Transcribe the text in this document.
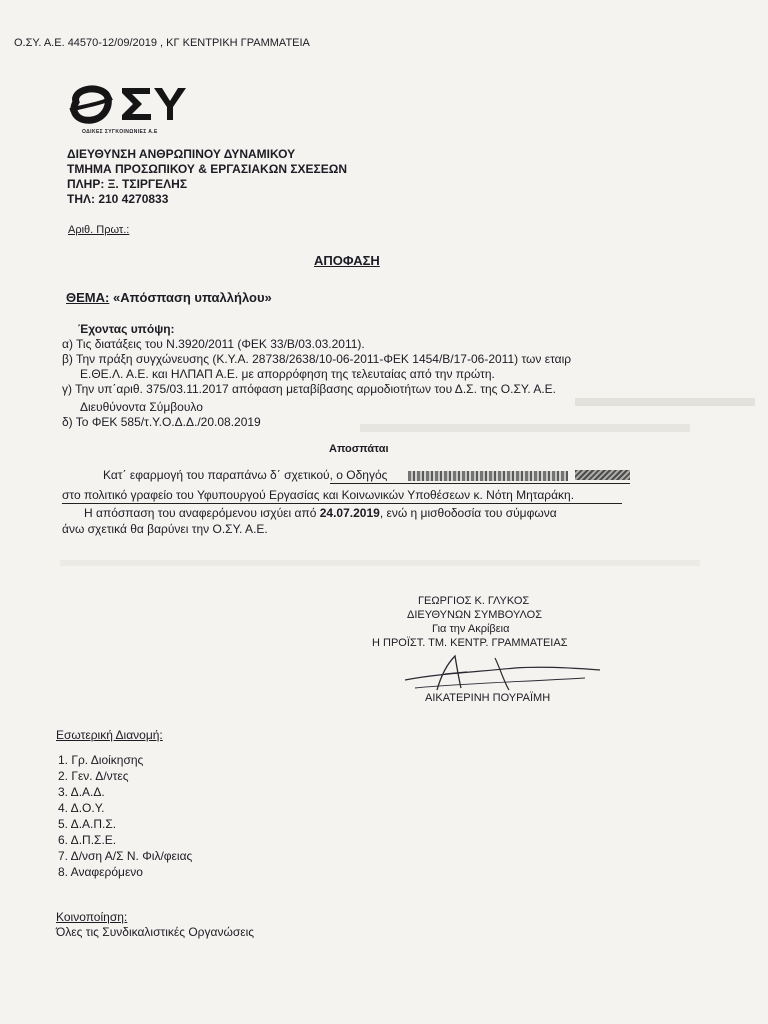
Ο.ΣΥ. Α.Ε. 44570-12/09/2019 , ΚΓ ΚΕΝΤΡΙΚΗ ΓΡΑΜΜΑΤΕΙΑ
ΟΔΙΚΕΣ ΣΥΓΚΟΙΝΩΝΙΕΣ Α.Ε
ΔΙΕΥΘΥΝΣΗ ΑΝΘΡΩΠΙΝΟΥ ΔΥΝΑΜΙΚΟΥ
ΤΜΗΜΑ ΠΡΟΣΩΠΙΚΟΥ & ΕΡΓΑΣΙΑΚΩΝ ΣΧΕΣΕΩΝ
ΠΛΗΡ: Ξ. ΤΣΙΡΓΕΛΗΣ
ΤΗΛ: 210 4270833
Αριθ. Πρωτ.:
ΑΠΟΦΑΣΗ
ΘΕΜΑ: «Απόσπαση υπαλλήλου»
Έχοντας υπόψη:
α) Τις διατάξεις του Ν.3920/2011 (ΦΕΚ 33/Β/03.03.2011).
β) Την πράξη συγχώνευσης (Κ.Υ.Α. 28738/2638/10-06-2011-ΦΕΚ 1454/Β/17-06-2011) των εταιρ
Ε.ΘΕ.Λ. Α.Ε. και ΗΛΠΑΠ Α.Ε. με απορρόφηση της τελευταίας από την πρώτη.
γ) Την υπ΄αριθ. 375/03.11.2017 απόφαση μεταβίβασης αρμοδιοτήτων του Δ.Σ. της Ο.ΣΥ. Α.Ε.
Διευθύνοντα Σύμβουλο
δ) Το ΦΕΚ 585/τ.Υ.Ο.Δ.Δ./20.08.2019
Αποσπάται
Κατ΄ εφαρμογή του παραπάνω δ΄ σχετικού, ο Οδηγός
στο πολιτικό γραφείο του Υφυπουργού Εργασίας και Κοινωνικών Υποθέσεων κ. Νότη Μηταράκη.
Η απόσπαση του αναφερόμενου ισχύει από 24.07.2019, ενώ η μισθοδοσία του σύμφωνα
άνω σχετικά θα βαρύνει την Ο.ΣΥ. Α.Ε.
ΓΕΩΡΓΙΟΣ Κ. ΓΛΥΚΟΣ
ΔΙΕΥΘΥΝΩΝ ΣΥΜΒΟΥΛΟΣ
Για την Ακρίβεια
Η ΠΡΟΪΣΤ. ΤΜ. ΚΕΝΤΡ. ΓΡΑΜΜΑΤΕΙΑΣ
ΑΙΚΑΤΕΡΙΝΗ ΠΟΥΡΑΪΜΗ
Εσωτερική Διανομή:
1. Γρ. Διοίκησης
2. Γεν. Δ/ντες
3. Δ.Α.Δ.
4. Δ.Ο.Υ.
5. Δ.Α.Π.Σ.
6. Δ.Π.Σ.Ε.
7. Δ/νση Α/Σ Ν. Φιλ/φειας
8. Αναφερόμενο
Κοινοποίηση:
Όλες τις Συνδικαλιστικές Οργανώσεις
